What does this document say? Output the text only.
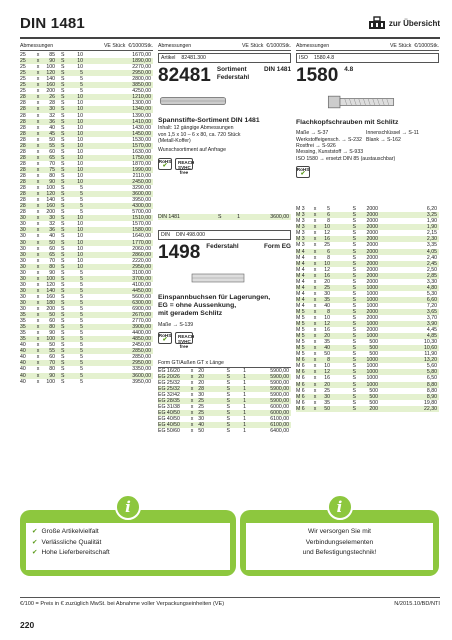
DIN 1481	zur Übersicht
Abmessungen	VE Stück €/1000Stk.
25	x	85	S	10	1670,00
25	x	90	S	10	1890,00
25	x	100	S	10	2270,00
25	x	120	S	5	2950,00
25	x	140	S	5	2800,00
25	x	160	S	5	3850,00
25	x	200	S	5	4250,00
28	x	26	S	10	1210,00
28	x	28	S	10	1300,00
28	x	30	S	10	1340,00
28	x	32	S	10	1390,00
28	x	36	S	10	1410,00
28	x	40	S	10	1430,00
28	x	45	S	10	1450,00
28	x	50	S	10	1530,00
28	x	55	S	10	1570,00
28	x	60	S	10	1630,00
28	x	65	S	10	1750,00
28	x	70	S	10	1870,00
28	x	75	S	10	1990,00
28	x	80	S	10	2110,00
28	x	90	S	10	2450,00
28	x	100	S	5	3290,00
28	x	120	S	5	3600,00
28	x	140	S	5	3950,00
28	x	160	S	5	4300,00
28	x	200	S	5	5700,00
30	x	30	S	10	1510,00
30	x	32	S	10	1570,00
30	x	36	S	10	1580,00
30	x	40	S	10	1640,00
30	x	50	S	10	1770,00
30	x	60	S	10	2060,00
30	x	65	S	10	2860,00
30	x	70	S	10	2220,00
30	x	80	S	10	2950,00
30	x	90	S	5	3100,00
30	x	100	S	5	3700,00
30	x	120	S	5	4100,00
30	x	140	S	5	4450,00
30	x	160	S	5	5600,00
30	x	180	S	5	6300,00
30	x	200	S	5	6900,00
35	x	50	S	5	2670,00
35	x	60	S	5	2770,00
35	x	80	S	5	3900,00
35	x	90	S	5	4400,00
35	x	100	S	5	4850,00
40	x	50	S	5	2450,00
40	x	55	S	5	2850,00
40	x	60	S	5	2850,00
40	x	70	S	5	2950,00
40	x	80	S	5	3350,00
40	x	90	S	5	3600,00
40	x	100	S	5	3950,00
Abmessungen	VE Stück €/1000Stk.
Artikel	82481.300
82481 Sortiment
Federstahl
DIN 1481
Spannstifte-Sortiment DIN 1481
Inhalt: 12 gängige Abmessungen
von 1,5 x 10 – 6 x 80, ca. 720 Stück
(Metall-Koffer)
Wunschsortiment auf Anfrage
RoHS
✔
REACH
SVHC
free
DIN 1481	S	1	3600,00
DIN	DIN 498.000
1498 Federstahl	Form EG
Einspannbuchsen für Lagerungen,
EG = ohne Aussenkung,
mit geradem Schlitz
Maße → S-139
RoHS
✔
REACH
SVHC
free
Form GT/Außen GT x Länge
EG 16/20	x 20	S	1	5900,00
EG 20/26	x 20	S	1	5900,00
EG 25/32	x 20	S	1	5900,00
EG 25/32	x 28	S	1	5900,00
EG 32/42	x 30	S	1	5900,00
EG 28/35	x 25	S	1	5900,00
EG 31/38	x 25	S	1	6000,00
EG 40/50	x 25	S	1	6000,00
EG 40/50	x 30	S	1	6100,00
EG 40/50	x 40	S	1	6100,00
EG 50/60	x 50	S	1	6400,00
Abmessungen	VE Stück €/1000Stk.
ISO	1580.4.8
1580 4.8
Flachkopfschrauben mit Schlitz
Maße → S-37	Innenschlüssel → S-11
Werkstoffeigensch. → S-232 Blank → S-162
Rostfrei → S-926
Messing, Kunststoff → S-933
ISO 1580 → ersetzt DIN 85 (austauschbar)
RoHS
✔
M 3	x	5	S	2000	6,20
M 3	x	6	S	2000	3,25
M 3	x	8	S	2000	1,90
M 3	x	10	S	2000	1,90
M 3	x	12	S	2000	2,15
M 3	x	16	S	2000	2,30
M 3	x	25	S	2000	3,35
M 4	x	6	S	2000	4,05
M 4	x	8	S	2000	2,40
M 4	x	10	S	2000	2,45
M 4	x	12	S	2000	2,50
M 4	x	16	S	2000	2,85
M 4	x	20	S	2000	3,30
M 4	x	25	S	1000	4,80
M 4	x	30	S	1000	5,30
M 4	x	35	S	1000	6,60
M 4	x	40	S	1000	7,20
M 5	x	8	S	2000	3,65
M 5	x	10	S	2000	3,70
M 5	x	12	S	1000	3,90
M 5	x	16	S	2000	4,45
M 5	x	20	S	1000	4,85
M 5	x	35	S	500	10,30
M 5	x	40	S	500	10,60
M 5	x	50	S	500	11,90
M 6	x	8	S	1000	13,20
M 6	x	10	S	1000	5,60
M 6	x	12	S	1000	5,80
M 6	x	16	S	1000	6,50
M 6	x	20	S	1000	8,80
M 6	x	25	S	500	8,80
M 6	x	30	S	500	8,90
M 6	x	35	S	500	19,80
M 6	x	50	S	200	22,30
i
✔ Große Artikelvielfalt
✔ Verlässliche Qualität
✔ Hohe Lieferbereitschaft
i
Wir versorgen Sie mit
Verbindungselementen
und Befestigungstechnik!
€/100 = Preis in € zuzüglich MwSt. bei Abnahme voller Verpackungseinheiten (VE)	N/2015.10/BD/NTI
220
